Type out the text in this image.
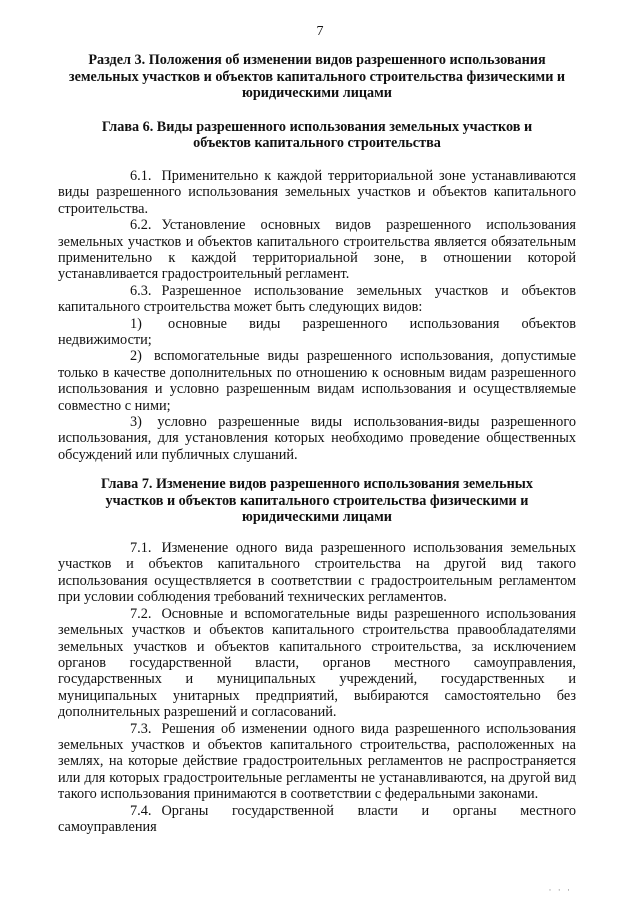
7
Раздел 3. Положения об изменении видов разрешенного использования земельных участков и объектов капитального строительства физическими и юридическими лицами
Глава 6. Виды разрешенного использования земельных участков и объектов капитального строительства

6.1. Применительно к каждой территориальной зоне устанавливаются виды разрешенного использования земельных участков и объектов капитального строительства.

6.2. Установление основных видов разрешенного использования земельных участков и объектов капитального строительства является обязательным применительно к каждой территориальной зоне, в отношении которой устанавливается градостроительный регламент.

6.3. Разрешенное использование земельных участков и объектов капитального строительства может быть следующих видов:

1) основные виды разрешенного использования объектов недвижимости;

2) вспомогательные виды разрешенного использования, допустимые только в качестве дополнительных по отношению к основным видам разрешенного использования и условно разрешенным видам использования и осуществляемые совместно с ними;

3) условно разрешенные виды использования-виды разрешенного использования, для установления которых необходимо проведение общественных обсуждений или публичных слушаний.

Глава 7. Изменение видов разрешенного использования земельных участков и объектов капитального строительства физическими и юридическими лицами

7.1. Изменение одного вида разрешенного использования земельных участков и объектов капитального строительства на другой вид такого использования осуществляется в соответствии с градостроительным регламентом при условии соблюдения требований технических регламентов.

7.2. Основные и вспомогательные виды разрешенного использования земельных участков и объектов капитального строительства правообладателями земельных участков и объектов капитального строительства, за исключением органов государственной власти, органов местного самоуправления, государственных и муниципальных учреждений, государственных и муниципальных унитарных предприятий, выбираются самостоятельно без дополнительных разрешений и согласований.

7.3. Решения об изменении одного вида разрешенного использования земельных участков и объектов капитального строительства, расположенных на землях, на которые действие градостроительных регламентов не распространяется или для которых градостроительные регламенты не устанавливаются, на другой вид такого использования принимаются в соответствии с федеральными законами.

7.4. Органы государственной власти и органы местного самоуправления

· · ·
